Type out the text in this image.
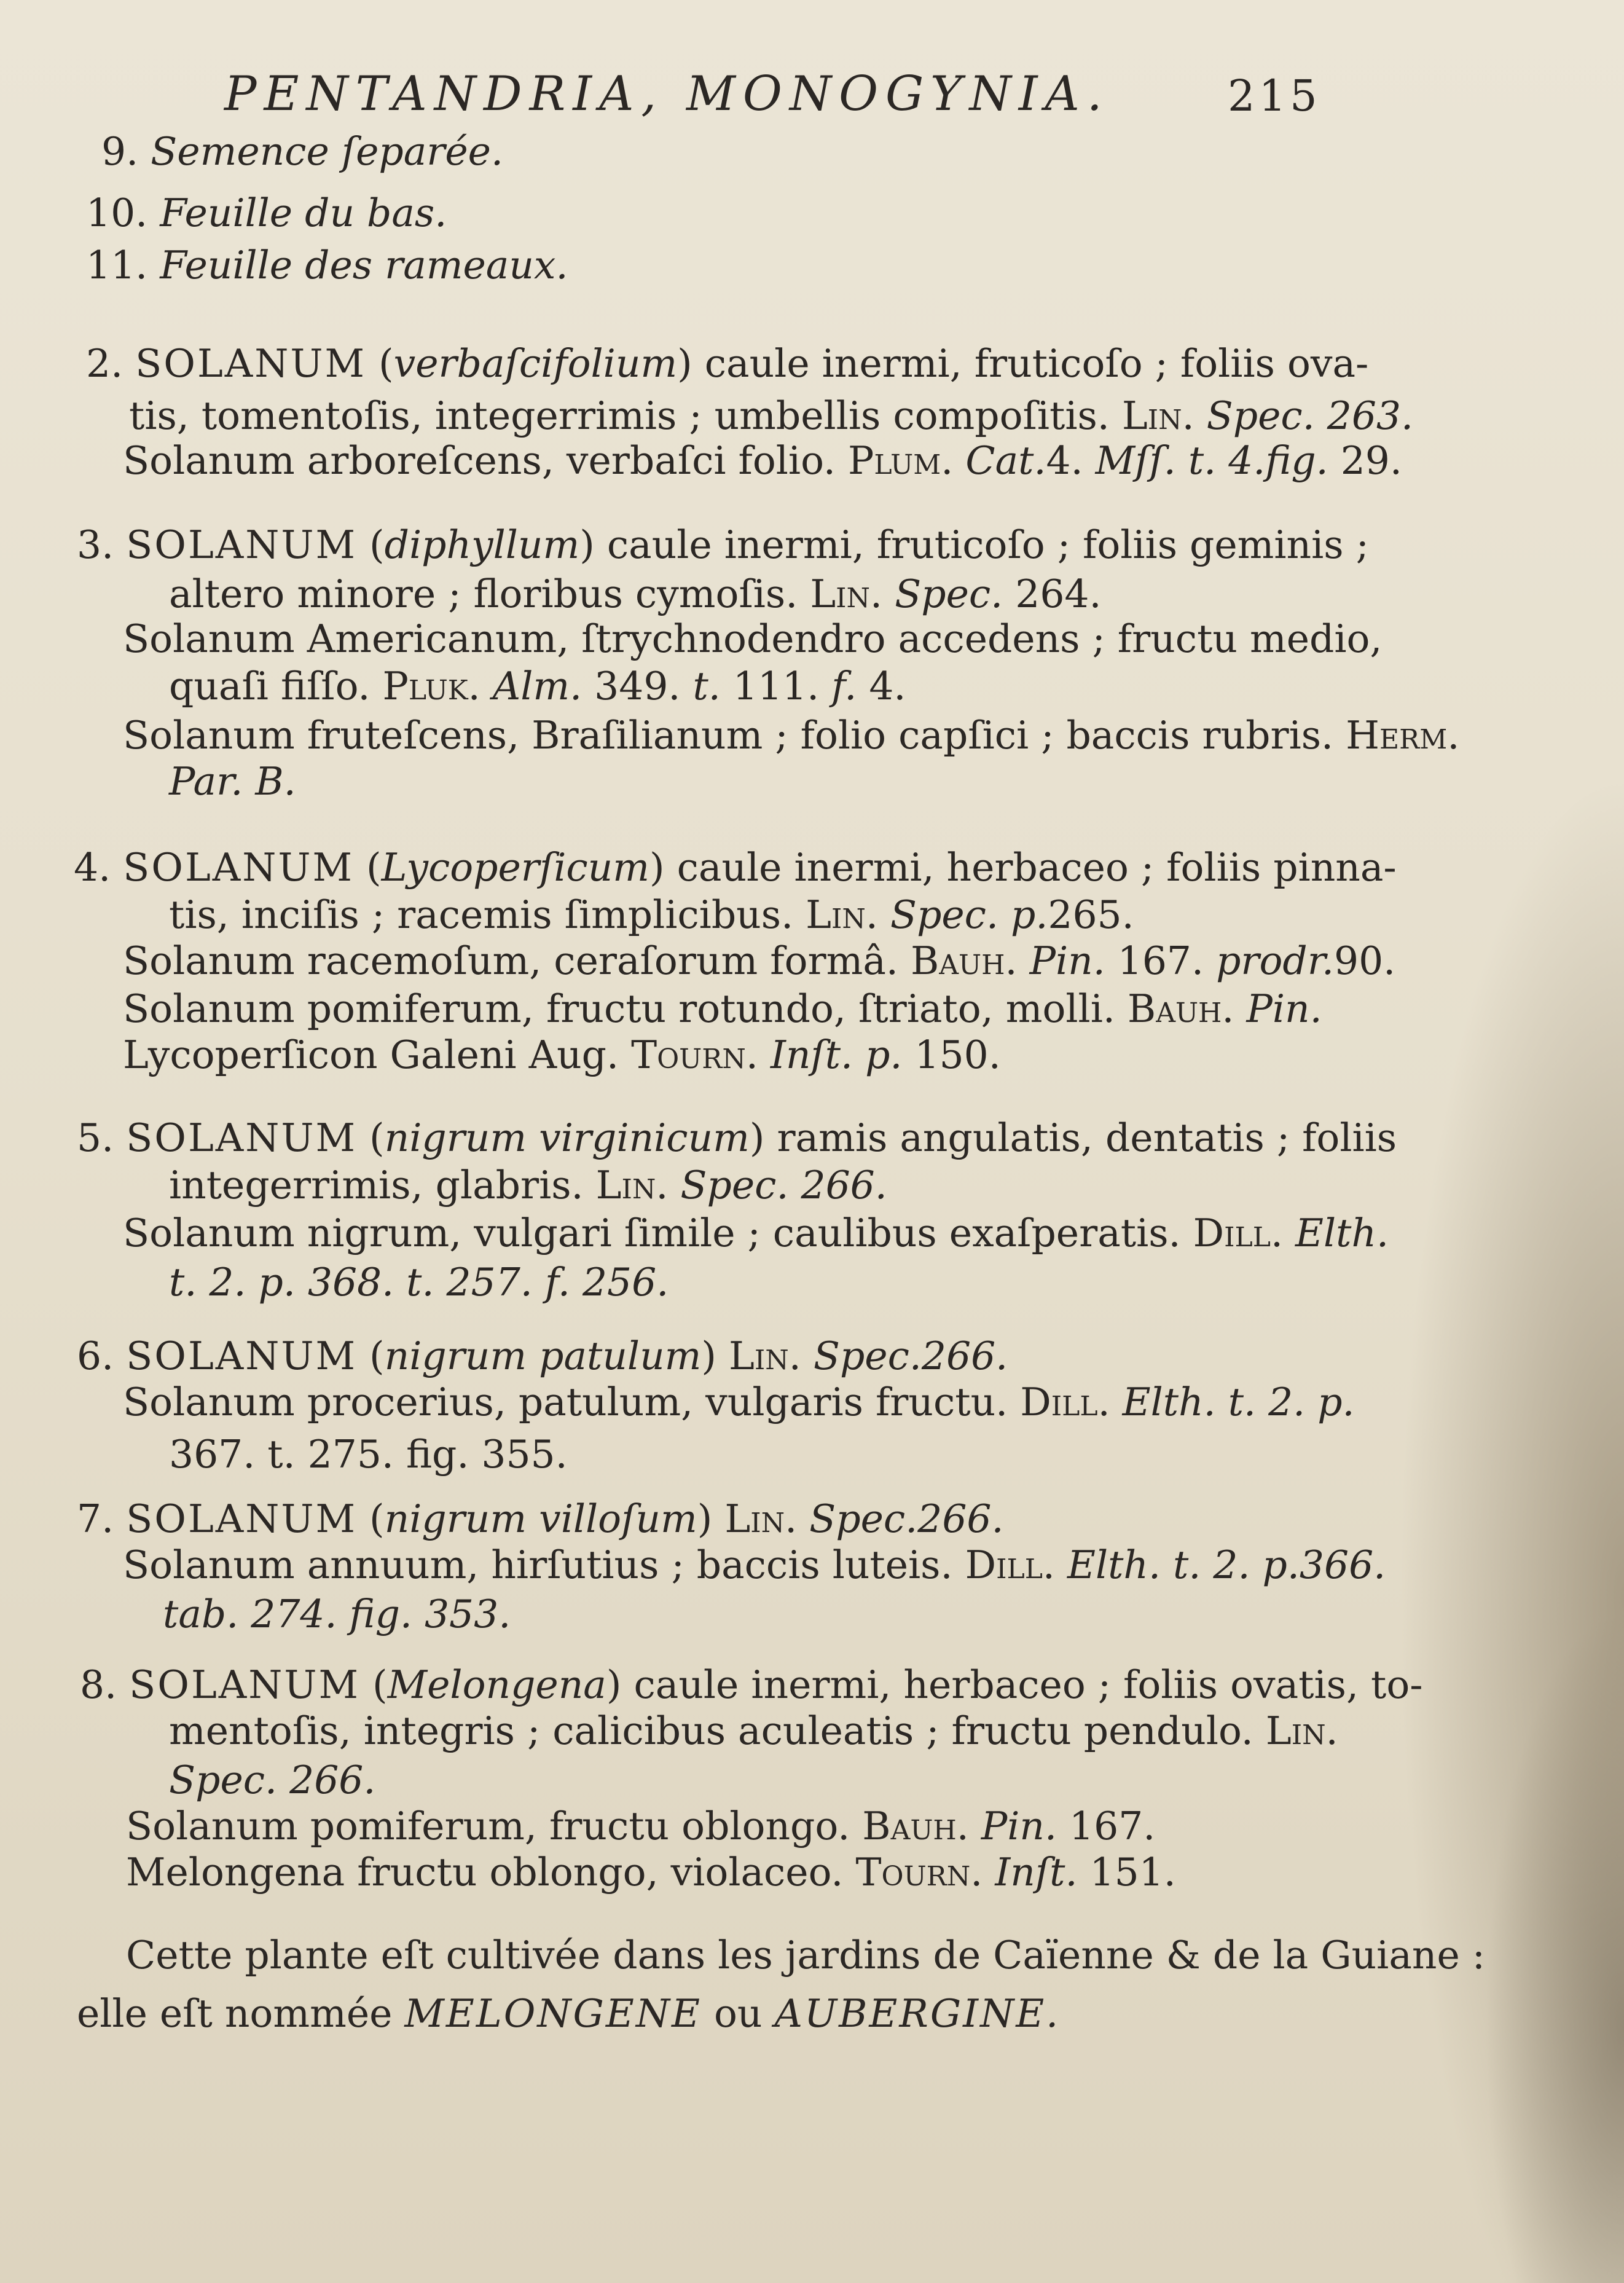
PENTANDRIA, MONOGYNIA.	215
9. Semence ſeparée.
10. Feuille du bas.
11. Feuille des rameaux.
2. SOLANUM (verbaſcifolium) caule inermi, fruticoſo ; foliis ova-
tis, tomentoſis, integerrimis ; umbellis compoſitis. Lin. Spec. 263.
Solanum arboreſcens, verbaſci folio. Plum. Cat.4. Mſſ. t. 4.fig. 29.
3. SOLANUM (diphyllum) caule inermi, fruticoſo ; foliis geminis ;
altero minore ; floribus cymoſis. Lin. Spec. 264.
Solanum Americanum, ſtrychnodendro accedens ; fructu medio,
quaſi fiſſo. Pluk. Alm. 349. t. 111. f. 4.
Solanum fruteſcens, Braſilianum ; folio capſici ; baccis rubris. Herm.
Par. B.
4. SOLANUM (Lycoperſicum) caule inermi, herbaceo ; foliis pinna-
tis, inciſis ; racemis ſimplicibus. Lin. Spec. p.265.
Solanum racemoſum, ceraſorum formâ. Bauh. Pin. 167. prodr.90.
Solanum pomiferum, fructu rotundo, ſtriato, molli. Bauh. Pin.
Lycoperſicon Galeni Aug. Tourn. Inſt. p. 150.
5. SOLANUM (nigrum virginicum) ramis angulatis, dentatis ; foliis
integerrimis, glabris. Lin. Spec. 266.
Solanum nigrum, vulgari ſimile ; caulibus exaſperatis. Dill. Elth.
t. 2. p. 368. t. 257. f. 256.
6. SOLANUM (nigrum patulum) Lin. Spec.266.
Solanum procerius, patulum, vulgaris fructu. Dill. Elth. t. 2. p.
367. t. 275. fig. 355.
7. SOLANUM (nigrum villoſum) Lin. Spec.266.
Solanum annuum, hirſutius ; baccis luteis. Dill. Elth. t. 2. p.366.
tab. 274. fig. 353.
8. SOLANUM (Melongena) caule inermi, herbaceo ; foliis ovatis, to-
mentoſis, integris ; calicibus aculeatis ; fructu pendulo. Lin.
Spec. 266.
Solanum pomiferum, fructu oblongo. Bauh. Pin. 167.
Melongena fructu oblongo, violaceo. Tourn. Inſt. 151.
Cette plante eſt cultivée dans les jardins de Caïenne & de la Guiane :
elle eſt nommée MELONGENE ou AUBERGINE.
